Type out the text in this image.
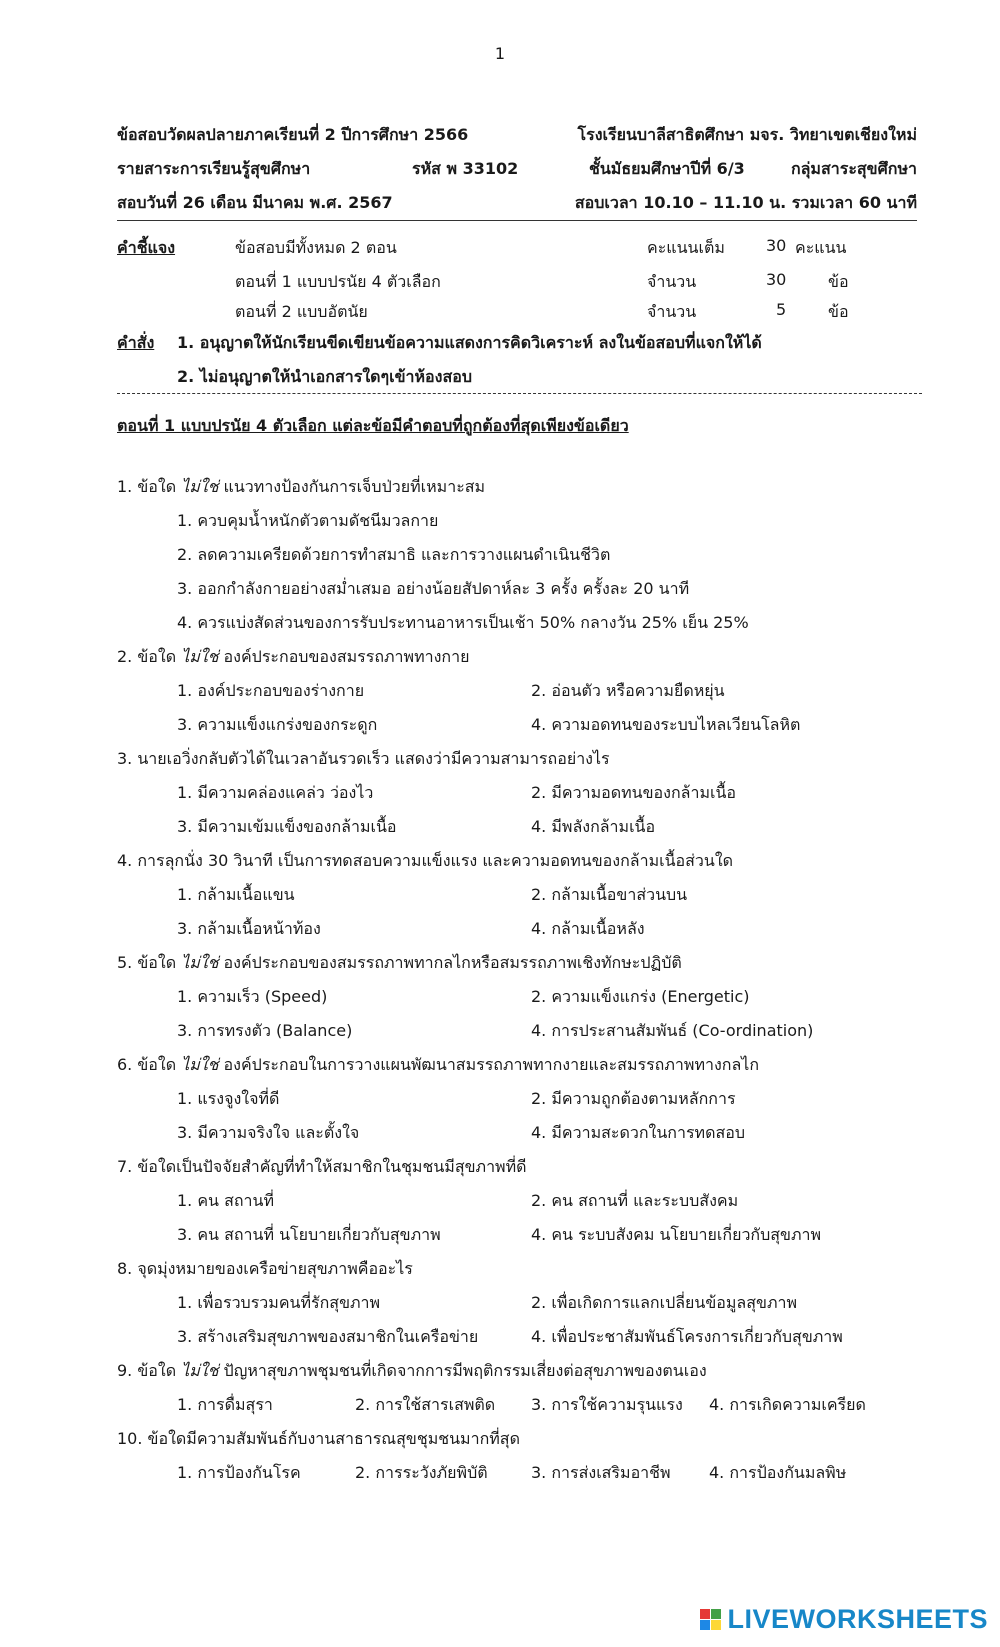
1
ข้อสอบวัดผลปลายภาคเรียนที่ 2 ปีการศึกษา 2566	โรงเรียนบาลีสาธิตศึกษา มจร. วิทยาเขตเชียงใหม่
รายสาระการเรียนรู้สุขศึกษา	รหัส พ 33102	ชั้นมัธยมศึกษาปีที่ 6/3	กลุ่มสาระสุขศึกษา
สอบวันที่ 26 เดือน มีนาคม พ.ศ. 2567	สอบเวลา 10.10 – 11.10 น. รวมเวลา 60 นาที
คำชี้แจง	ข้อสอบมีทั้งหมด 2 ตอน	คะแนนเต็ม	30 คะแนน
ตอนที่ 1 แบบปรนัย 4 ตัวเลือก	จำนวน	30	ข้อ
ตอนที่ 2 แบบอัตนัย	จำนวน	5	ข้อ
คำสั่ง 1. อนุญาตให้นักเรียนขีดเขียนข้อความแสดงการคิดวิเคราะห์ ลงในข้อสอบที่แจกให้ได้
2. ไม่อนุญาตให้นำเอกสารใดๆเข้าห้องสอบ
ตอนที่ 1 แบบปรนัย 4 ตัวเลือก แต่ละข้อมีคำตอบที่ถูกต้องที่สุดเพียงข้อเดียว
1. ข้อใด ไม่ใช่ แนวทางป้องกันการเจ็บป่วยที่เหมาะสม
1. ควบคุมน้ำหนักตัวตามดัชนีมวลกาย
2. ลดความเครียดด้วยการทำสมาธิ และการวางแผนดำเนินชีวิต
3. ออกกำลังกายอย่างสม่ำเสมอ อย่างน้อยสัปดาห์ละ 3 ครั้ง ครั้งละ 20 นาที
4. ควรแบ่งสัดส่วนของการรับประทานอาหารเป็นเช้า 50% กลางวัน 25% เย็น 25%
2. ข้อใด ไม่ใช่ องค์ประกอบของสมรรถภาพทางกาย
1. องค์ประกอบของร่างกาย	2. อ่อนตัว หรือความยืดหยุ่น
3. ความแข็งแกร่งของกระดูก	4. ความอดทนของระบบไหลเวียนโลหิต
3. นายเอวิ่งกลับตัวได้ในเวลาอันรวดเร็ว แสดงว่ามีความสามารถอย่างไร
1. มีความคล่องแคล่ว ว่องไว	2. มีความอดทนของกล้ามเนื้อ
3. มีความเข้มแข็งของกล้ามเนื้อ	4. มีพลังกล้ามเนื้อ
4. การลุกนั่ง 30 วินาที เป็นการทดสอบความแข็งแรง และความอดทนของกล้ามเนื้อส่วนใด
1. กล้ามเนื้อแขน	2. กล้ามเนื้อขาส่วนบน
3. กล้ามเนื้อหน้าท้อง	4. กล้ามเนื้อหลัง
5. ข้อใด ไม่ใช่ องค์ประกอบของสมรรถภาพทากลไกหรือสมรรถภาพเชิงทักษะปฏิบัติ
1. ความเร็ว (Speed)	2. ความแข็งแกร่ง (Energetic)
3. การทรงตัว (Balance)	4. การประสานสัมพันธ์ (Co-ordination)
6. ข้อใด ไม่ใช่ องค์ประกอบในการวางแผนพัฒนาสมรรถภาพทากงายและสมรรถภาพทางกลไก
1. แรงจูงใจที่ดี	2. มีความถูกต้องตามหลักการ
3. มีความจริงใจ และตั้งใจ	4. มีความสะดวกในการทดสอบ
7. ข้อใดเป็นปัจจัยสำคัญที่ทำให้สมาชิกในชุมชนมีสุขภาพที่ดี
1. คน สถานที่	2. คน สถานที่ และระบบสังคม
3. คน สถานที่ นโยบายเกี่ยวกับสุขภาพ	4. คน ระบบสังคม นโยบายเกี่ยวกับสุขภาพ
8. จุดมุ่งหมายของเครือข่ายสุขภาพคืออะไร
1. เพื่อรวบรวมคนที่รักสุขภาพ	2. เพื่อเกิดการแลกเปลี่ยนข้อมูลสุขภาพ
3. สร้างเสริมสุขภาพของสมาชิกในเครือข่าย	4. เพื่อประชาสัมพันธ์โครงการเกี่ยวกับสุขภาพ
9. ข้อใด ไม่ใช่ ปัญหาสุขภาพชุมชนที่เกิดจากการมีพฤติกรรมเสี่ยงต่อสุขภาพของตนเอง
1. การดื่มสุรา	2. การใช้สารเสพติด 3. การใช้ความรุนแรง 4. การเกิดความเครียด
10. ข้อใดมีความสัมพันธ์กับงานสาธารณสุขชุมชนมากที่สุด
1. การป้องกันโรค	2. การระวังภัยพิบัติ	3. การส่งเสริมอาชีพ 4. การป้องกันมลพิษ
LIVEWORKSHEETS
